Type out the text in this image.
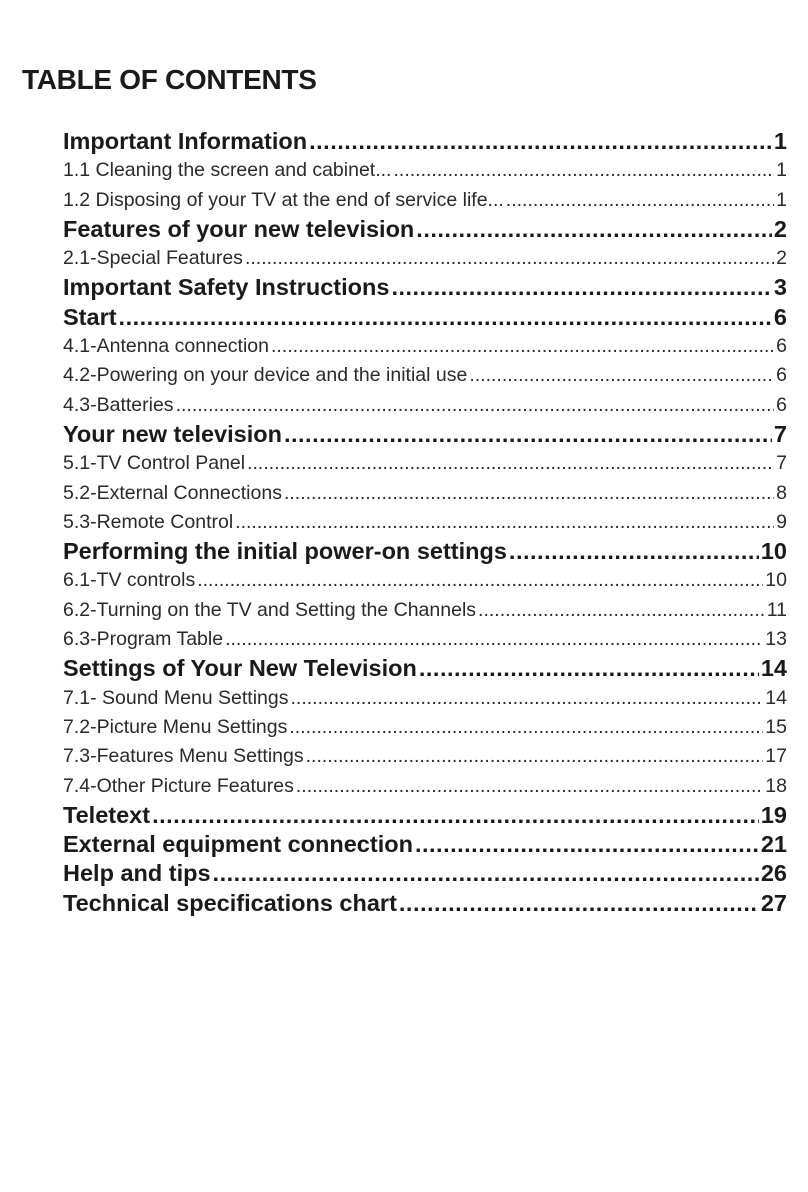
TABLE OF CONTENTS
Important Information .....	1
1.1 Cleaning the screen and cabinet... .....	1
1.2 Disposing of your TV at the end of service life... .....	1
Features of your new television .....	2
2.1-Special Features .....	2
Important Safety Instructions .....	3
Start .....	6
4.1-Antenna connection .....	6
4.2-Powering on your device and the initial use .....	6
4.3-Batteries .....	6
Your new television .....	7
5.1-TV Control Panel .....	7
5.2-External Connections .....	8
5.3-Remote Control .....	9
Performing the initial power-on settings .....	10
6.1-TV controls .....	10
6.2-Turning on the TV and Setting the Channels .....	11
6.3-Program Table .....	13
Settings of Your New Television .....	14
7.1- Sound Menu Settings .....	14
7.2-Picture Menu Settings .....	15
7.3-Features Menu Settings .....	17
7.4-Other Picture Features .....	18
Teletext .....	19
External equipment connection .....	21
Help and tips .....	26
Technical specifications chart .....	27
